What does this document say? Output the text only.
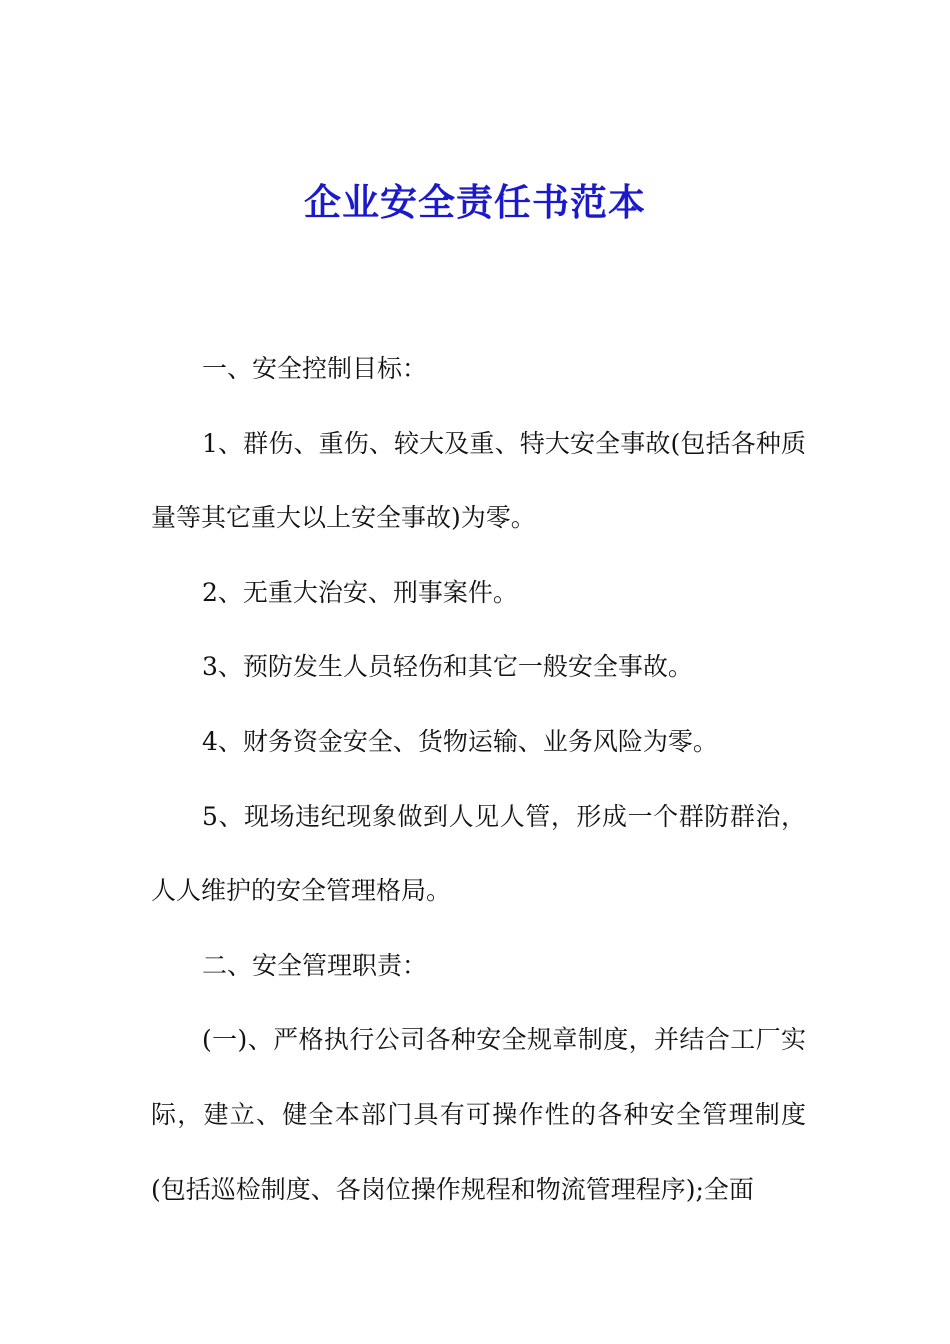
企业安全责任书范本

一、安全控制目标：

1、群伤、重伤、较大及重、特大安全事故(包括各种质量等其它重大以上安全事故)为零。

2、无重大治安、刑事案件。

3、预防发生人员轻伤和其它一般安全事故。

4、财务资金安全、货物运输、业务风险为零。

5、现场违纪现象做到人见人管，形成一个群防群治，人人维护的安全管理格局。

二、安全管理职责：

(一)、严格执行公司各种安全规章制度，并结合工厂实际，建立、健全本部门具有可操作性的各种安全管理制度(包括巡检制度、各岗位操作规程和物流管理程序);全面
